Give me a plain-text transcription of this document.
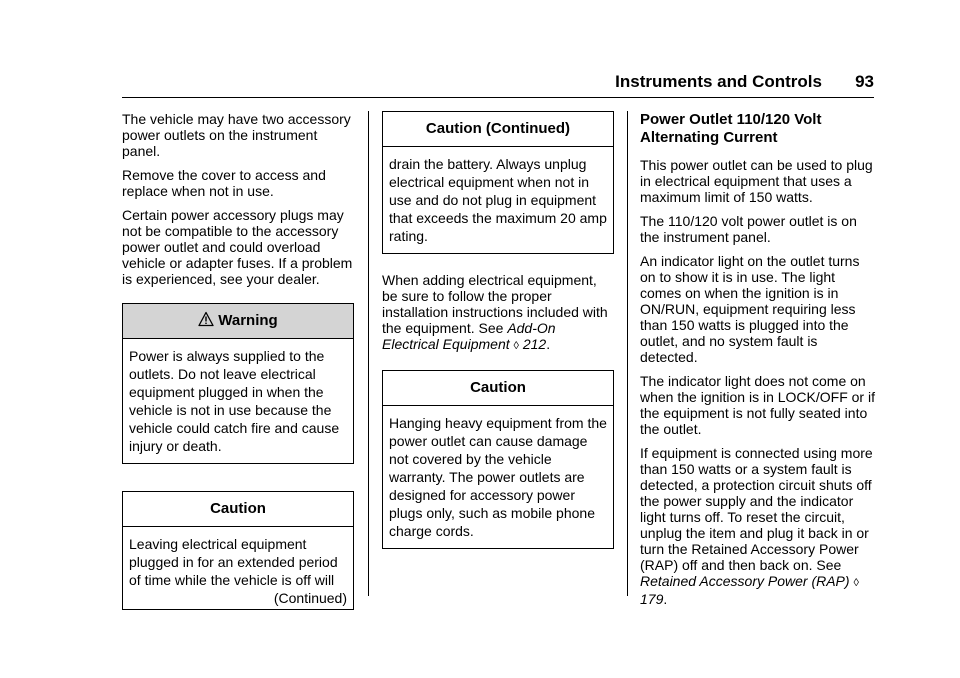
Instruments and Controls 93

The vehicle may have two accessory power outlets on the instrument panel.

Remove the cover to access and replace when not in use.

Certain power accessory plugs may not be compatible to the accessory power outlet and could overload vehicle or adapter fuses. If a problem is experienced, see your dealer.

Warning
Power is always supplied to the outlets. Do not leave electrical equipment plugged in when the vehicle is not in use because the vehicle could catch fire and cause injury or death.
Caution
Leaving electrical equipment plugged in for an extended period of time while the vehicle is off will
(Continued)
Caution (Continued)
drain the battery. Always unplug electrical equipment when not in use and do not plug in equipment that exceeds the maximum 20 amp rating.

When adding electrical equipment, be sure to follow the proper installation instructions included with the equipment. See Add-On Electrical Equipment ◊ 212.

Caution
Hanging heavy equipment from the power outlet can cause damage not covered by the vehicle warranty. The power outlets are designed for accessory power plugs only, such as mobile phone charge cords.
Power Outlet 110/120 Volt Alternating Current

This power outlet can be used to plug in electrical equipment that uses a maximum limit of 150 watts.

The 110/120 volt power outlet is on the instrument panel.

An indicator light on the outlet turns on to show it is in use. The light comes on when the ignition is in ON/RUN, equipment requiring less than 150 watts is plugged into the outlet, and no system fault is detected.

The indicator light does not come on when the ignition is in LOCK/OFF or if the equipment is not fully seated into the outlet.

If equipment is connected using more than 150 watts or a system fault is detected, a protection circuit shuts off the power supply and the indicator light turns off. To reset the circuit, unplug the item and plug it back in or turn the Retained Accessory Power (RAP) off and then back on. See Retained Accessory Power (RAP) ◊ 179.
